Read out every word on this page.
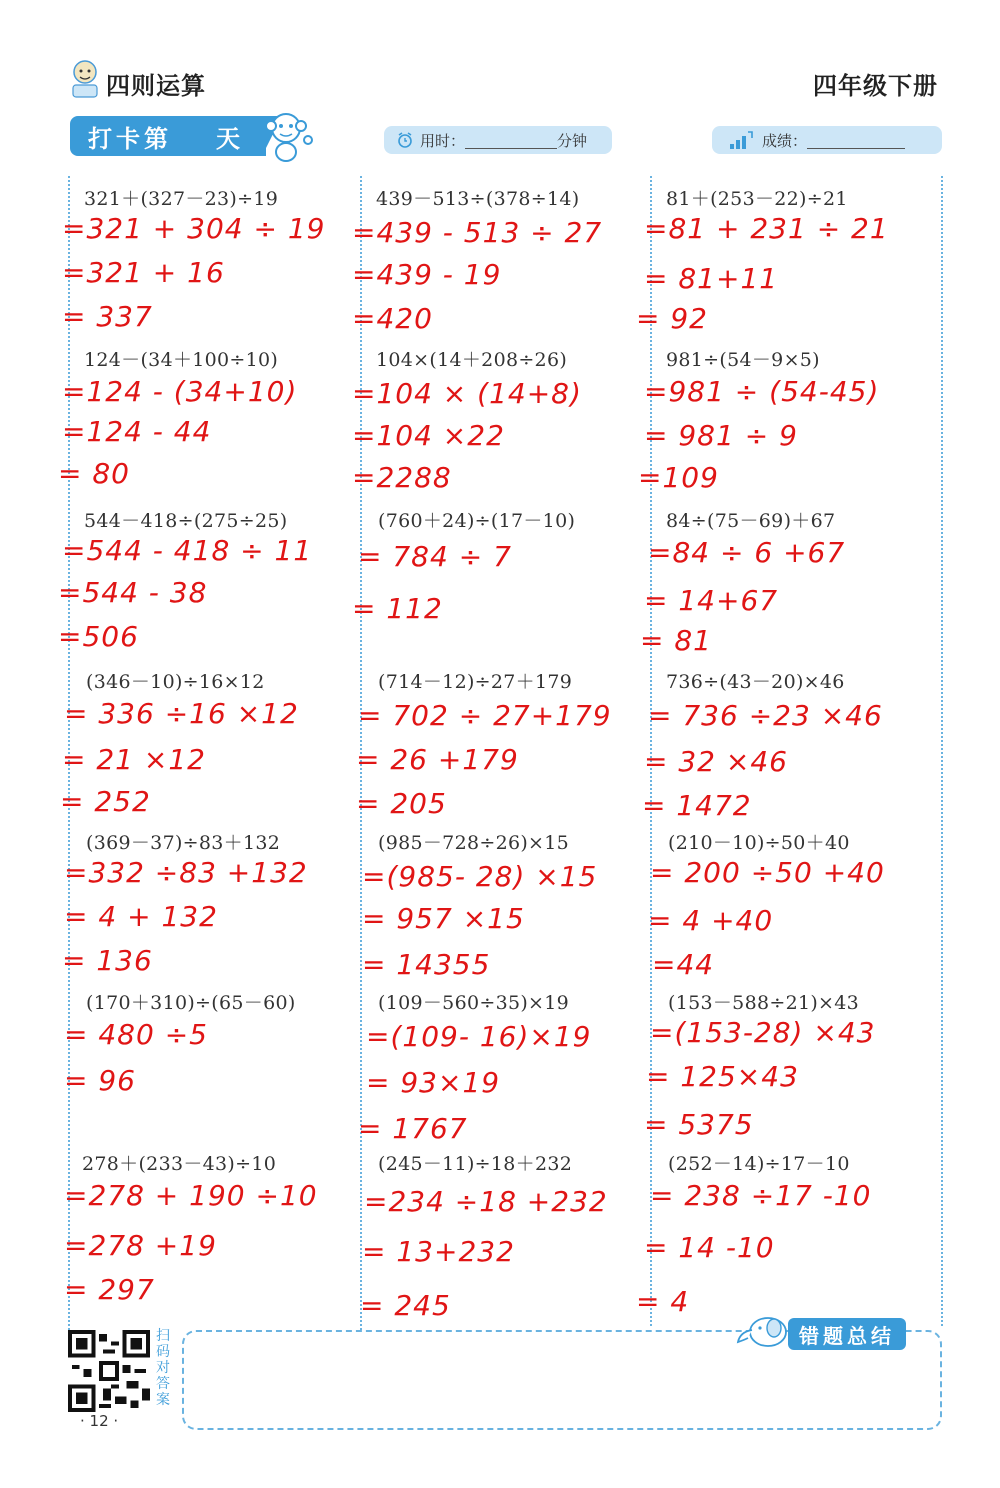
四则运算	四年级下册
打卡第 天	用时：	分钟	成绩：
321＋(327－23)÷19
=321 + 304 ÷ 19
=321 + 16
= 337
439－513÷(378÷14)
=439 - 513 ÷ 27
=439 - 19
=420
81＋(253－22)÷21
=81 + 231 ÷ 21
= 81+11
= 92
124－(34＋100÷10)
=124 - (34+10)
=124 - 44
= 80
104×(14＋208÷26)
=104 × (14+8)
=104 ×22
=2288
981÷(54－9×5)
=981 ÷ (54-45)
= 981 ÷ 9
=109
544－418÷(275÷25)
=544 - 418 ÷ 11
=544 - 38
=506
(760＋24)÷(17－10)
= 784 ÷ 7
= 112
84÷(75－69)＋67
=84 ÷ 6 +67
= 14+67
= 81
(346－10)÷16×12
= 336 ÷16 ×12
= 21 ×12
= 252
(714－12)÷27＋179
= 702 ÷ 27+179
= 26 +179
= 205
736÷(43－20)×46
= 736 ÷23 ×46
= 32 ×46
= 1472
(369－37)÷83＋132
=332 ÷83 +132
= 4 + 132
= 136
(985－728÷26)×15
=(985- 28) ×15
= 957 ×15
= 14355
(210－10)÷50＋40
= 200 ÷50 +40
= 4 +40
=44
(170＋310)÷(65－60)
= 480 ÷5
= 96
(109－560÷35)×19
=(109- 16)×19
= 93×19
= 1767
(153－588÷21)×43
=(153-28) ×43
= 125×43
= 5375
278＋(233－43)÷10
=278 + 190 ÷10
=278 +19
= 297
(245－11)÷18＋232
=234 ÷18 +232
= 13+232
= 245
(252－14)÷17－10
= 238 ÷17 -10
= 14 -10
= 4
扫码对答案
· 12 ·
错题总结
